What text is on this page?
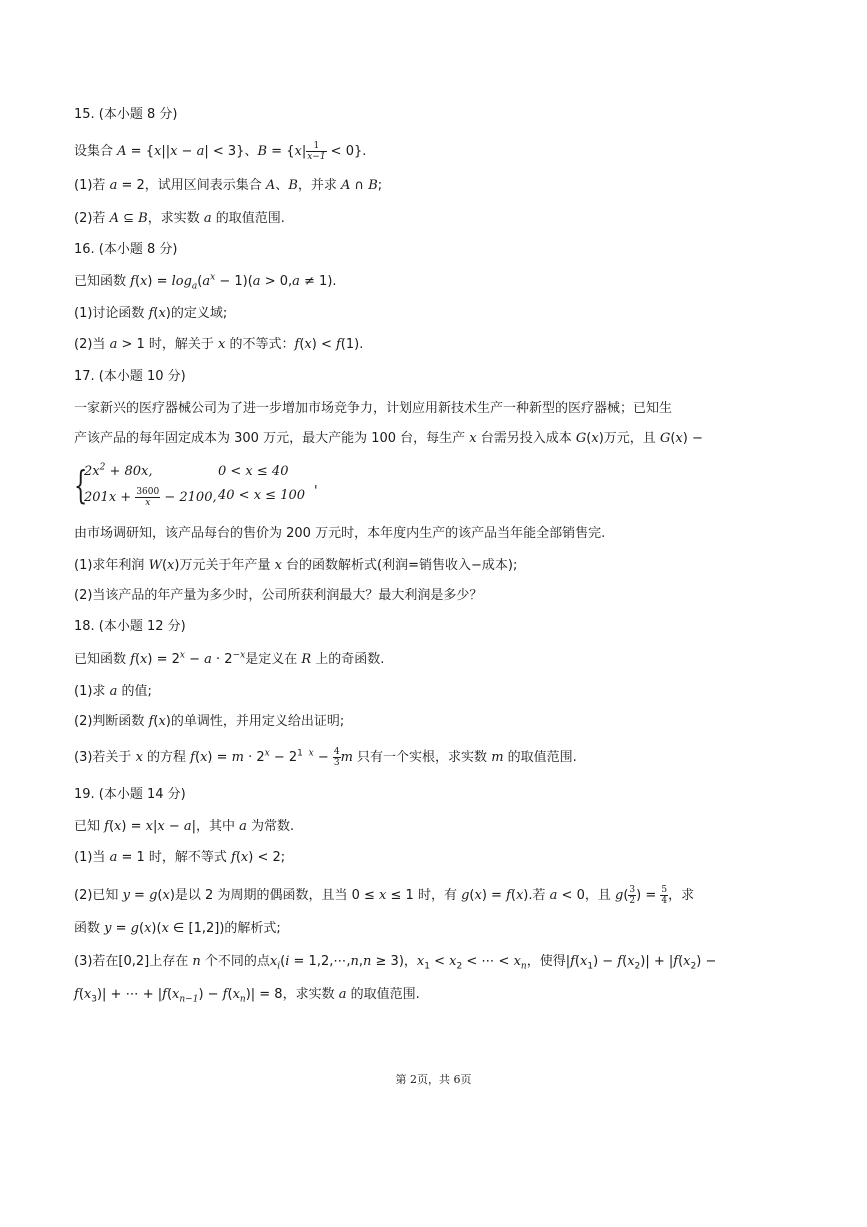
15. (本小题 8 分)
设集合 A = {x||x − a| < 3}、$B = \{x| \frac{1}{x-1} < 0\}$.
(1)若 a = 2，试用区间表示集合 A、B，并求 A ∩ B;
(2)若 A ⊆ B，求实数 a 的取值范围.
16. (本小题 8 分)
已知函数 $f(x) = \log_a(a^x - 1)(a > 0,a \ne 1)$.
(1)讨论函数 f(x)的定义域;
(2)当 a > 1 时，解关于 x 的不等式：f(x) < f(1).
17. (本小题 10 分)
一家新兴的医疗器械公司为了进一步增加市场竞争力，计划应用新技术生产一种新型的医疗器械；已知生
产该产品的每年固定成本为 300 万元，最大产能为 100 台，每生产 x 台需另投入成本 G(x)万元，且 G(x) −
{
$2x^2 + 80x$,	0 < x ≤ 40
$201x + \frac{3600}{x} - 2100$, 40 < x ≤ 100 '
由市场调研知，该产品每台的售价为 200 万元时，本年度内生产的该产品当年能全部销售完.
(1)求年利润 W(x)万元关于年产量 x 台的函数解析式(利润=销售收入−成本);
(2)当该产品的年产量为多少时，公司所获利润最大？最大利润是多少？
18. (本小题 12 分)
已知函数 $f(x) = 2^x - a \cdot 2^{-x}$是定义在 R 上的奇函数.
(1)求 a 的值;
(2)判断函数 f(x)的单调性，并用定义给出证明;
(3)若关于 x 的方程 $f(x) = m \cdot 2^x - 2^{1 x} - \frac{4}{3}$ m 只有一个实根，求实数 m 的取值范围.
19. (本小题 14 分)
已知 f(x) = x|x − a|，其中 a 为常数.
(1)当 a = 1 时，解不等式 f(x) < 2;
(2)已知 y = g(x)是以 2 为周期的偶函数，且当 0 ≤ x ≤ 1 时，有 g(x) = f(x).若 a < 0，且 $g( \frac{3}{2}$ ) = $\frac{5}{4}$ ，求
函数 y = g(x)(x ∈ [1,2])的解析式;
(3)若在[0,2]上存在 n 个不同的点$x_i(i$ = 1,2,⋯,n,n ≥ 3)，$x_1 < x_2$ < ⋯ < $x_n$，使得$|f(x_1) - f(x_2)| + |f(x_2)$ −
$f(x_3)|$ + ⋯ + $|f(x_{n-1}) - f(x_n)| = 8$，求实数 a 的取值范围.
第 2页，共 6页
